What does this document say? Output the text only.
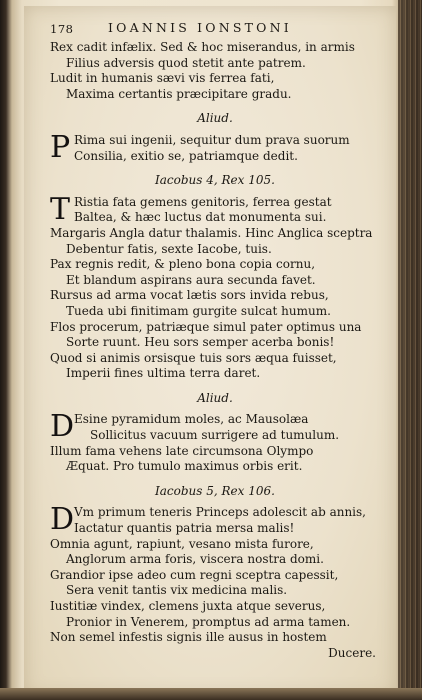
178	IOANNIS IONSTONI
Rex cadit infælix. Sed & hoc miserandus, in armis
Filius adversis quod stetit ante patrem.
Ludit in humanis sævi vis ferrea fati,
Maxima certantis præcipitare gradu.
Aliud.
P Rima sui ingenii, sequitur dum prava suorum
Consilia, exitio se, patriamque dedit.
Iacobus 4, Rex 105.
T Ristia fata gemens genitoris, ferrea gestat
Baltea, & hæc luctus dat monumenta sui.
Margaris Angla datur thalamis. Hinc Anglica sceptra
Debentur fatis, sexte Iacobe, tuis.
Pax regnis redit, & pleno bona copia cornu,
Et blandum aspirans aura secunda favet.
Rursus ad arma vocat lætis sors invida rebus,
Tueda ubi finitimam gurgite sulcat humum.
Flos procerum, patriæque simul pater optimus una
Sorte ruunt. Heu sors semper acerba bonis!
Quod si animis orsisque tuis sors æqua fuisset,
Imperii fines ultima terra daret.
Aliud.
D Esine pyramidum moles, ac Mausolæa
Sollicitus vacuum surrigere ad tumulum.
Illum fama vehens late circumsona Olympo
Æquat. Pro tumulo maximus orbis erit.
Iacobus 5, Rex 106.
D Vm primum teneris Princeps adolescit ab annis,
Iactatur quantis patria mersa malis!
Omnia agunt, rapiunt, vesano mista furore,
Anglorum arma foris, viscera nostra domi.
Grandior ipse adeo cum regni sceptra capessit,
Sera venit tantis vix medicina malis.
Iustitiæ vindex, clemens juxta atque severus,
Pronior in Venerem, promptus ad arma tamen.
Non semel infestis signis ille ausus in hostem
Ducere.
